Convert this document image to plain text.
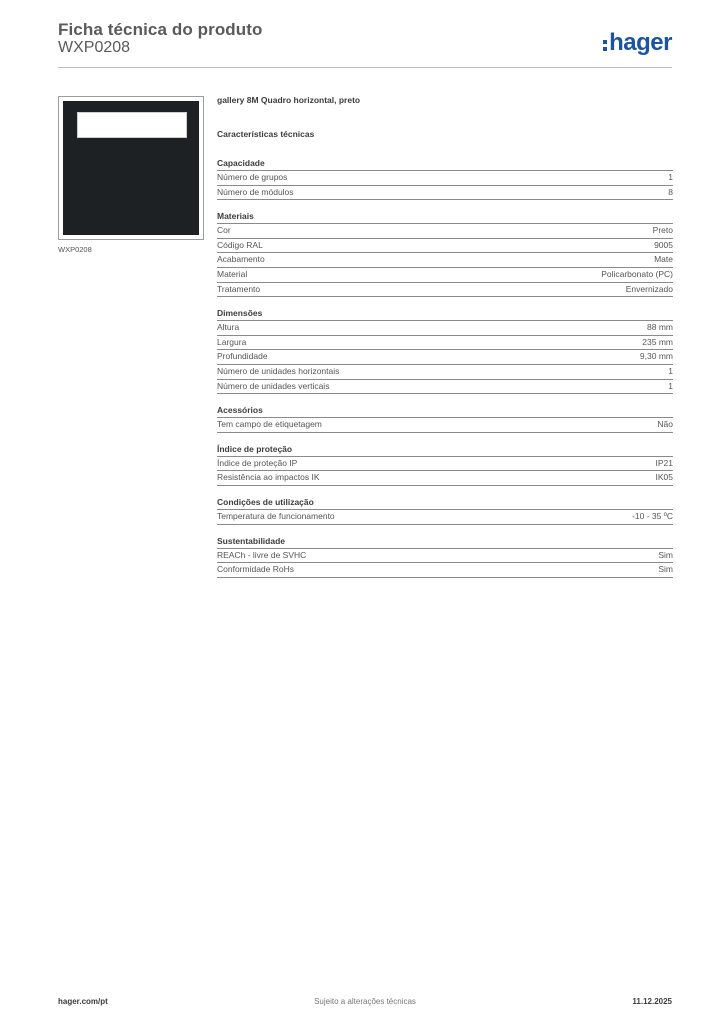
Ficha técnica do produto
WXP0208	hager
WXP0208
gallery 8M Quadro horizontal, preto
Características técnicas
Capacidade
Número de grupos	1
Número de módulos	8
Materiais
Cor	Preto
Código RAL	9005
Acabamento	Mate
Material	Policarbonato (PC)
Tratamento	Envernizado
Dimensões
Altura	88 mm
Largura	235 mm
Profundidade	9,30 mm
Número de unidades horizontais	1
Número de unidades verticais	1
Acessórios
Tem campo de etiquetagem	Não
Índice de proteção
Índice de proteção IP	IP21
Resistência ao impactos IK	IK05
Condições de utilização
Temperatura de funcionamento	-10 - 35 ºC
Sustentabilidade
REACh - livre de SVHC	Sim
Conformidade RoHs	Sim
hager.com/pt	Sujeito a alterações técnicas	11.12.2025
